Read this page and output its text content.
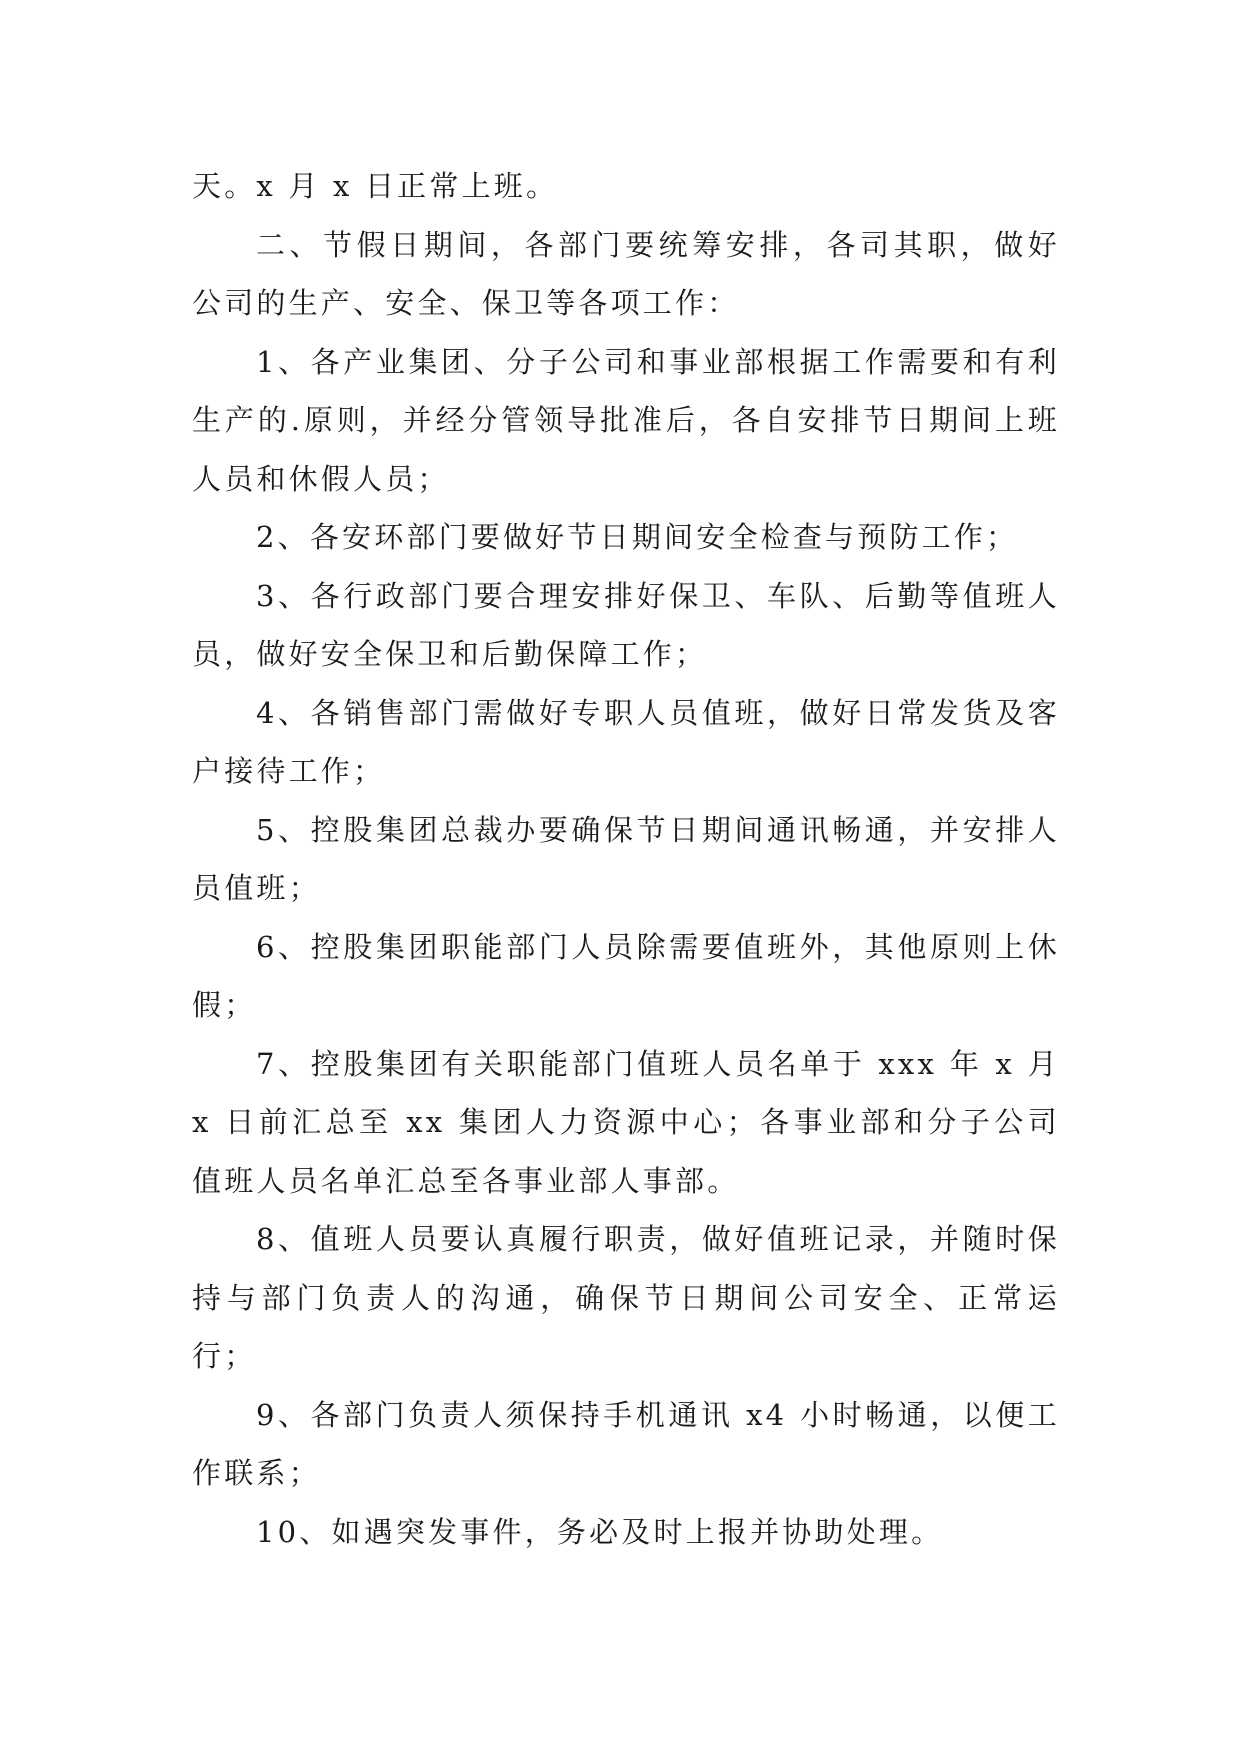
天。x 月 x 日正常上班。

二、节假日期间，各部门要统筹安排，各司其职，做好公司的生产、安全、保卫等各项工作：

1、各产业集团、分子公司和事业部根据工作需要和有利生产的.原则，并经分管领导批准后，各自安排节日期间上班人员和休假人员；

2、各安环部门要做好节日期间安全检查与预防工作；

3、各行政部门要合理安排好保卫、车队、后勤等值班人员，做好安全保卫和后勤保障工作；

4、各销售部门需做好专职人员值班，做好日常发货及客户接待工作；

5、控股集团总裁办要确保节日期间通讯畅通，并安排人员值班；

6、控股集团职能部门人员除需要值班外，其他原则上休假；

7、控股集团有关职能部门值班人员名单于 xxx 年 x 月 x 日前汇总至 xx 集团人力资源中心；各事业部和分子公司值班人员名单汇总至各事业部人事部。

8、值班人员要认真履行职责，做好值班记录，并随时保持与部门负责人的沟通，确保节日期间公司安全、正常运行；

9、各部门负责人须保持手机通讯 x4 小时畅通，以便工作联系；

10、如遇突发事件，务必及时上报并协助处理。
